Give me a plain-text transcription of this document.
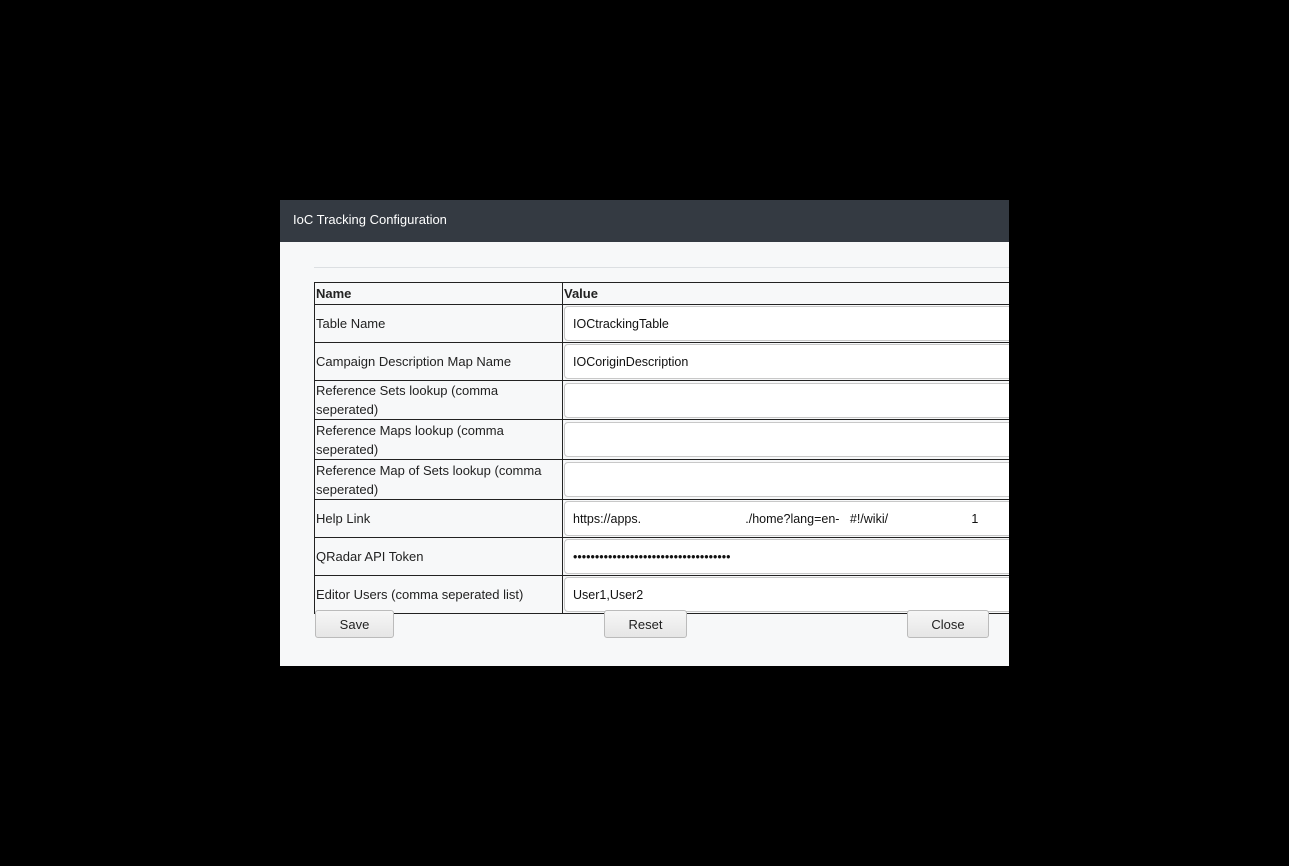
IoC Tracking Configuration
Name	Value
Table Name	IOCtrackingTable
Campaign Description Map Name	IOCoriginDescription
Reference Sets lookup (comma seperated)	
Reference Maps lookup (comma seperated)	
Reference Map of Sets lookup (comma seperated)	
Help Link	https://apps. ./home?lang=en- #!/wiki/ 1
QRadar API Token	••••••••••••••••••••••••••••••••••••
Editor Users (comma seperated list)	User1,User2
Save	Reset	Close
